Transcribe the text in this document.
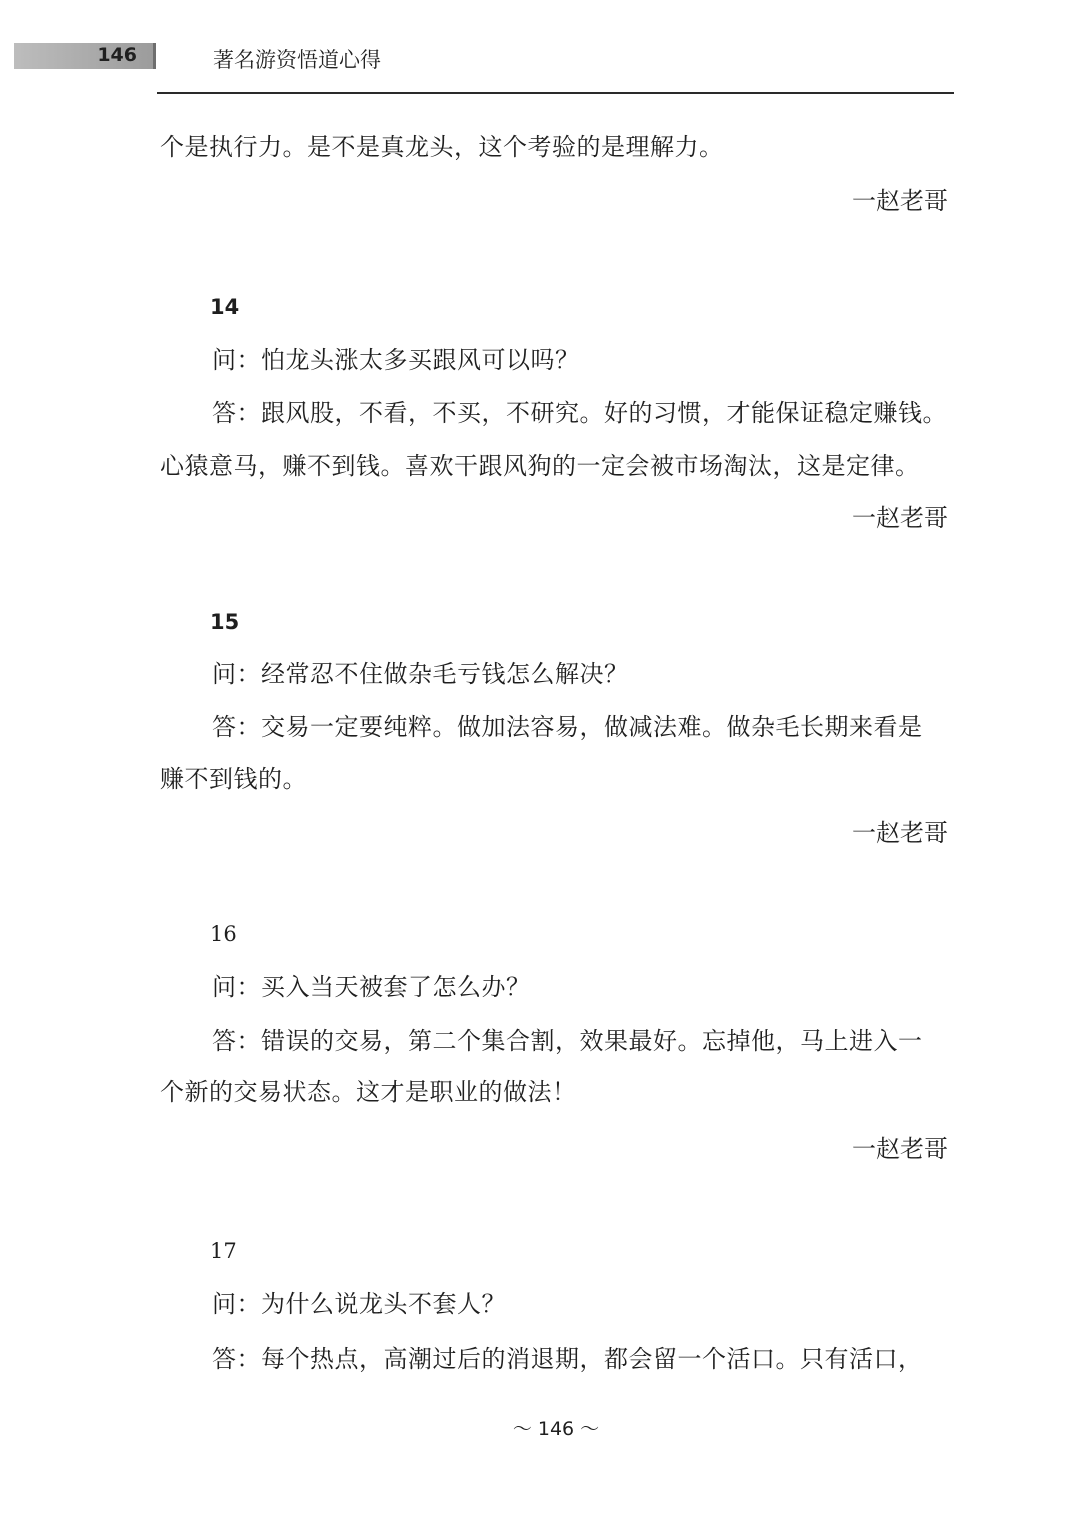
146	著名游资悟道心得
个是执行力。是不是真龙头，这个考验的是理解力。
一赵老哥
14
问：怕龙头涨太多买跟风可以吗？
答：跟风股，不看，不买，不研究。好的习惯，才能保证稳定赚钱。
心猿意马，赚不到钱。喜欢干跟风狗的一定会被市场淘汰，这是定律。
一赵老哥
15
问：经常忍不住做杂毛亏钱怎么解决？
答：交易一定要纯粹。做加法容易，做减法难。做杂毛长期来看是
赚不到钱的。
一赵老哥
16
问：买入当天被套了怎么办？
答：错误的交易，第二个集合割，效果最好。忘掉他，马上进入一
个新的交易状态。这才是职业的做法！
一赵老哥
17
问：为什么说龙头不套人？
答：每个热点，高潮过后的消退期，都会留一个活口。只有活口，
～ 146 ～
